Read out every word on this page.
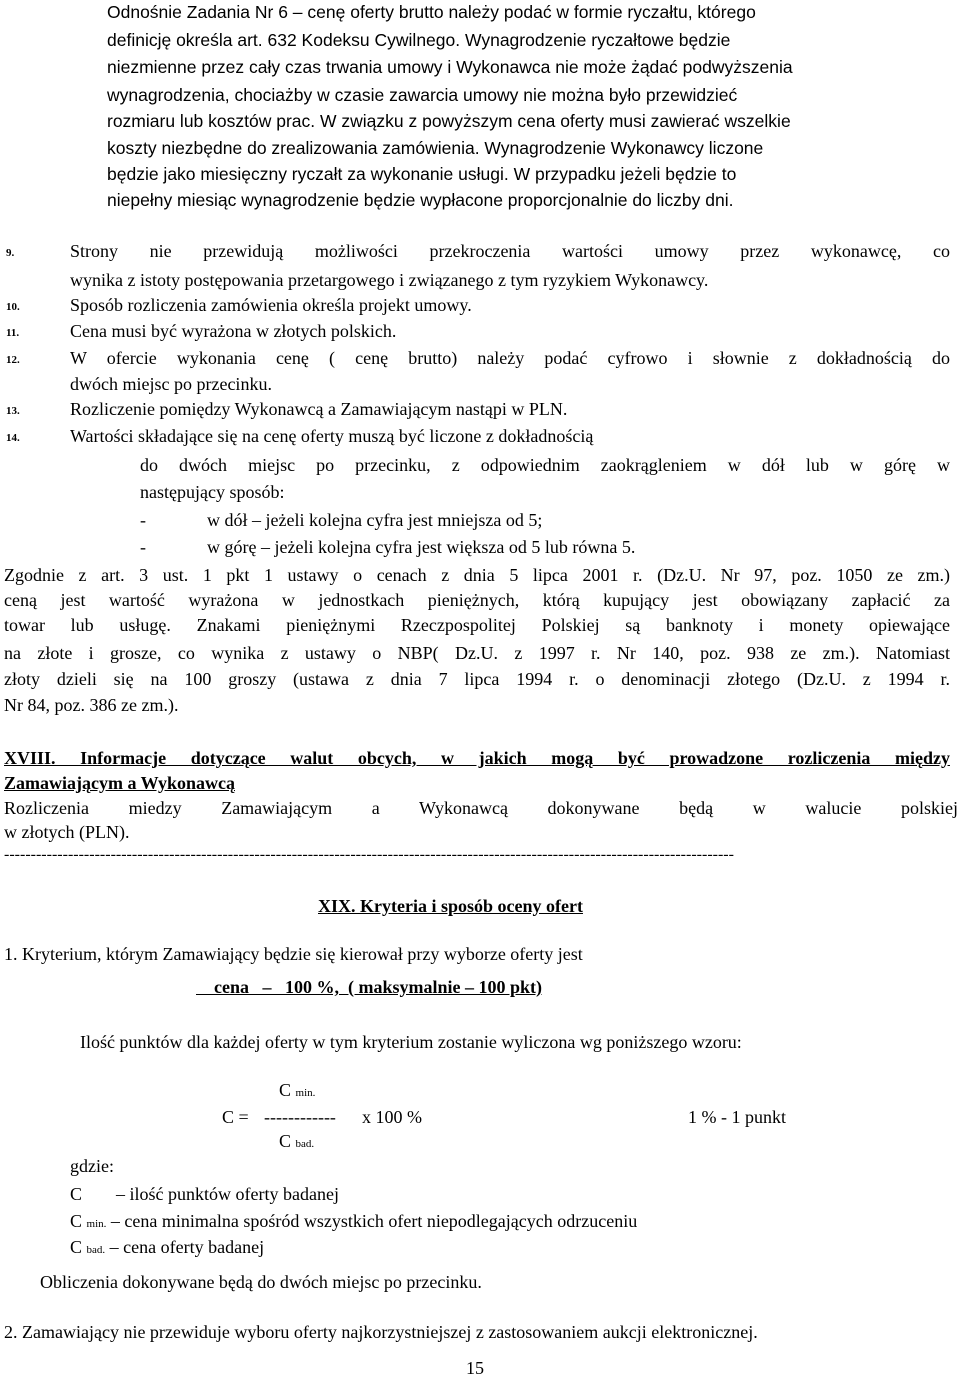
Odnośnie Zadania Nr 6 – cenę oferty brutto należy podać w formie ryczałtu, którego
definicję określa art. 632 Kodeksu Cywilnego. Wynagrodzenie ryczałtowe będzie
niezmienne przez cały czas trwania umowy i Wykonawca nie może żądać podwyższenia
wynagrodzenia, chociażby w czasie zawarcia umowy nie można było przewidzieć
rozmiaru lub kosztów prac. W związku z powyższym cena oferty musi zawierać wszelkie
koszty niezbędne do zrealizowania zamówienia. Wynagrodzenie Wykonawcy liczone
będzie jako miesięczny ryczałt za wykonanie usługi. W przypadku jeżeli będzie to
niepełny miesiąc wynagrodzenie będzie wypłacone proporcjonalnie do liczby dni.
9.	Strony nie przewidują możliwości przekroczenia wartości umowy przez wykonawcę, co
wynika z istoty postępowania przetargowego i związanego z tym ryzykiem Wykonawcy.
10.	Sposób rozliczenia zamówienia określa projekt umowy.
11.	Cena musi być wyrażona w złotych polskich.
12.	W ofercie wykonania cenę ( cenę brutto) należy podać cyfrowo i słownie z dokładnością do
dwóch miejsc po przecinku.
13.	Rozliczenie pomiędzy Wykonawcą a Zamawiającym nastąpi w PLN.
14.	Wartości składające się na cenę oferty muszą być liczone z dokładnością
do dwóch miejsc po przecinku, z odpowiednim zaokrągleniem w dół lub w górę w
następujący sposób:
-	w dół – jeżeli kolejna cyfra jest mniejsza od 5;
-	w górę – jeżeli kolejna cyfra jest większa od 5 lub równa 5.
Zgodnie z art. 3 ust. 1 pkt 1 ustawy o cenach z dnia 5 lipca 2001 r. (Dz.U. Nr 97, poz. 1050 ze zm.)
ceną jest wartość wyrażona w jednostkach pieniężnych, którą kupujący jest obowiązany zapłacić za
towar lub usługę. Znakami pieniężnymi Rzeczpospolitej Polskiej są banknoty i monety opiewające
na złote i grosze, co wynika z ustawy o NBP( Dz.U. z 1997 r. Nr 140, poz. 938 ze zm.). Natomiast
złoty dzieli się na 100 groszy (ustawa z dnia 7 lipca 1994 r. o denominacji złotego (Dz.U. z 1994 r.
Nr 84, poz. 386 ze zm.).
XVIII. Informacje dotyczące walut obcych, w jakich mogą być prowadzone rozliczenia między
Zamawiającym a Wykonawcą
Rozliczenia miedzy Zamawiającym a Wykonawcą dokonywane będą w walucie polskiej
w złotych (PLN).
-----------------------------------------------------------------------------------------------------------------------------------------
XIX. Kryteria i sposób oceny ofert
1. Kryterium, którym Zamawiający będzie się kierował przy wyborze oferty jest
cena   –   100 %,  ( maksymalnie – 100 pkt)
Ilość punktów dla każdej oferty w tym kryterium zostanie wyliczona wg poniższego wzoru:
C min.
C = ------------ x 100 %	1 % - 1 punkt
C bad.
gdzie:
C – ilość punktów oferty badanej
C min. – cena minimalna spośród wszystkich ofert niepodlegających odrzuceniu
C bad. – cena oferty badanej
Obliczenia dokonywane będą do dwóch miejsc po przecinku.
2. Zamawiający nie przewiduje wyboru oferty najkorzystniejszej z zastosowaniem aukcji elektronicznej.
15
